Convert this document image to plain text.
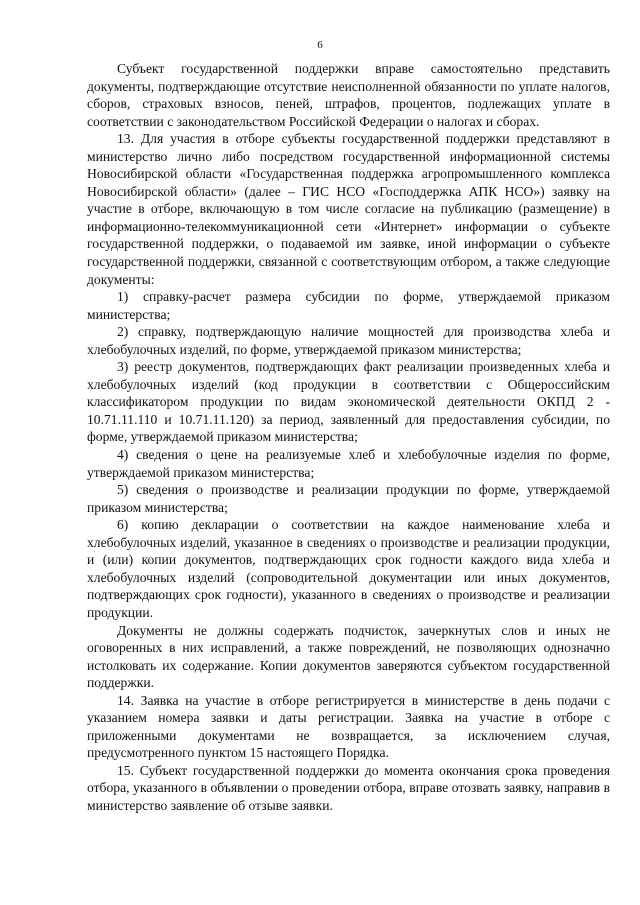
6

Субъект государственной поддержки вправе самостоятельно представить документы, подтверждающие отсутствие неисполненной обязанности по уплате налогов, сборов, страховых взносов, пеней, штрафов, процентов, подлежащих уплате в соответствии с законодательством Российской Федерации о налогах и сборах.

13. Для участия в отборе субъекты государственной поддержки представляют в министерство лично либо посредством государственной информационной системы Новосибирской области «Государственная поддержка агропромышленного комплекса Новосибирской области» (далее – ГИС НСО «Господдержка АПК НСО») заявку на участие в отборе, включающую в том числе согласие на публикацию (размещение) в информационно-телекоммуникационной сети «Интернет» информации о субъекте государственной поддержки, о подаваемой им заявке, иной информации о субъекте государственной поддержки, связанной с соответствующим отбором, а также следующие документы:

1) справку-расчет размера субсидии по форме, утверждаемой приказом министерства;

2) справку, подтверждающую наличие мощностей для производства хлеба и хлебобулочных изделий, по форме, утверждаемой приказом министерства;

3) реестр документов, подтверждающих факт реализации произведенных хлеба и хлебобулочных изделий (код продукции в соответствии с Общероссийским классификатором продукции по видам экономической деятельности ОКПД 2 - 10.71.11.110 и 10.71.11.120) за период, заявленный для предоставления субсидии, по форме, утверждаемой приказом министерства;

4) сведения о цене на реализуемые хлеб и хлебобулочные изделия по форме, утверждаемой приказом министерства;

5) сведения о производстве и реализации продукции по форме, утверждаемой приказом министерства;

6) копию декларации о соответствии на каждое наименование хлеба и хлебобулочных изделий, указанное в сведениях о производстве и реализации продукции, и (или) копии документов, подтверждающих срок годности каждого вида хлеба и хлебобулочных изделий (сопроводительной документации или иных документов, подтверждающих срок годности), указанного в сведениях о производстве и реализации продукции.

Документы не должны содержать подчисток, зачеркнутых слов и иных не оговоренных в них исправлений, а также повреждений, не позволяющих однозначно истолковать их содержание. Копии документов заверяются субъектом государственной поддержки.

14. Заявка на участие в отборе регистрируется в министерстве в день подачи с указанием номера заявки и даты регистрации. Заявка на участие в отборе с приложенными документами не возвращается, за исключением случая, предусмотренного пунктом 15 настоящего Порядка.

15. Субъект государственной поддержки до момента окончания срока проведения отбора, указанного в объявлении о проведении отбора, вправе отозвать заявку, направив в министерство заявление об отзыве заявки.
